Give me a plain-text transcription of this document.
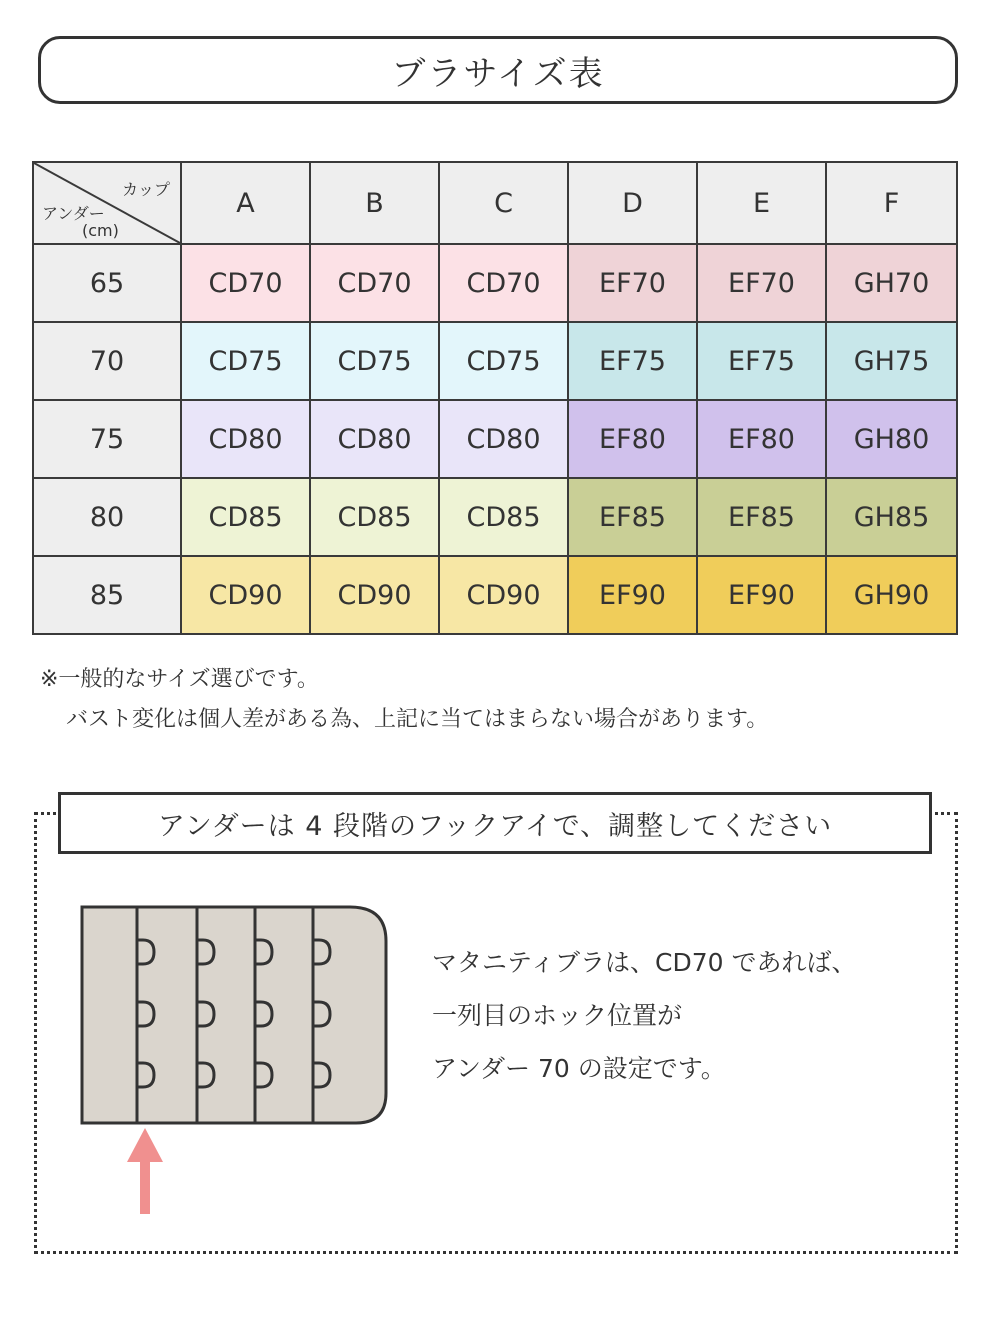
ブラサイズ表
カップ
アンダー
(cm)	A	B	C	D	E	F
65	CD70	CD70	CD70	EF70	EF70	GH70
70	CD75	CD75	CD75	EF75	EF75	GH75
75	CD80	CD80	CD80	EF80	EF80	GH80
80	CD85	CD85	CD85	EF85	EF85	GH85
85	CD90	CD90	CD90	EF90	EF90	GH90
※一般的なサイズ選びです。
バスト変化は個人差がある為、上記に当てはまらない場合があります。
アンダーは 4 段階のフックアイで、調整してください
マタニティブラは、CD70 であれば、
一列目のホック位置が
アンダー 70 の設定です。
